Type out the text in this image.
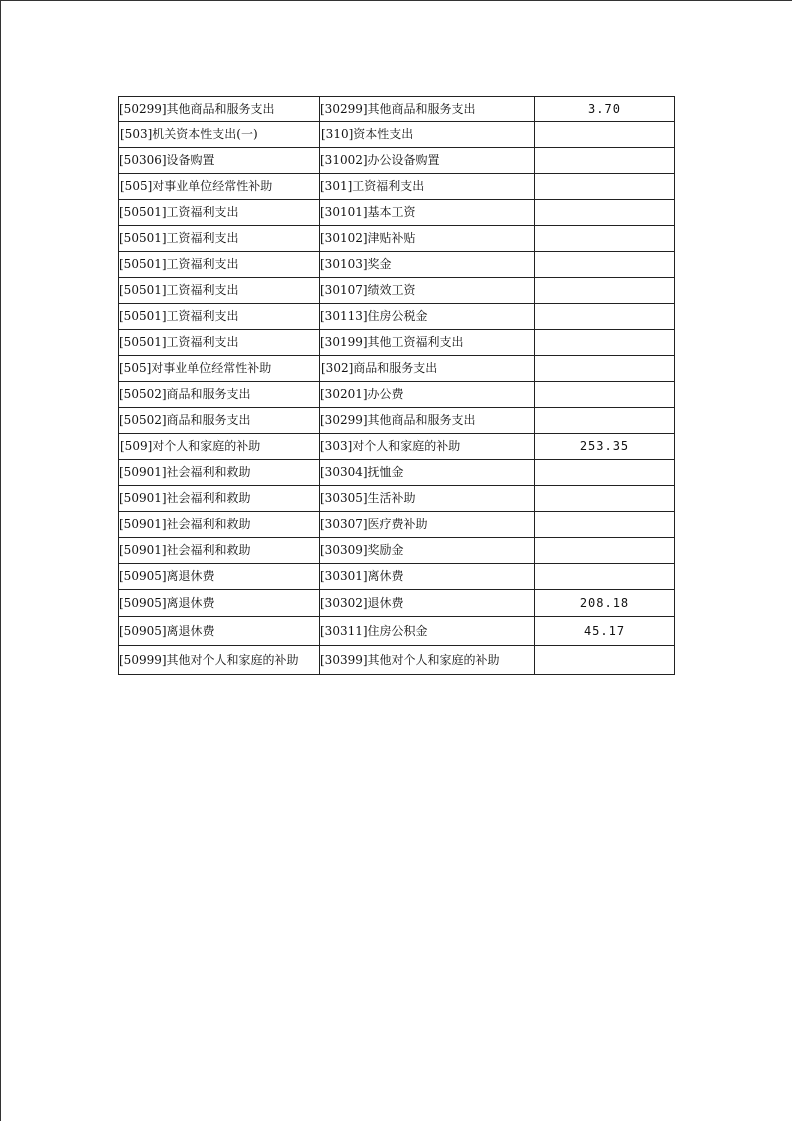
[50299]其他商品和服务支出	[30299]其他商品和服务支出	3.70
[503]机关资本性支出(一)	[310]资本性支出	
[50306]设备购置	[31002]办公设备购置	
[505]对事业单位经常性补助	[301]工资福利支出	
[50501]工资福利支出	[30101]基本工资	
[50501]工资福利支出	[30102]津贴补贴	
[50501]工资福利支出	[30103]奖金	
[50501]工资福利支出	[30107]绩效工资	
[50501]工资福利支出	[30113]住房公税金	
[50501]工资福利支出	[30199]其他工资福利支出	
[505]对事业单位经常性补助	[302]商品和服务支出	
[50502]商品和服务支出	[30201]办公费	
[50502]商品和服务支出	[30299]其他商品和服务支出	
[509]对个人和家庭的补助	[303]对个人和家庭的补助	253.35
[50901]社会福利和救助	[30304]抚恤金	
[50901]社会福利和救助	[30305]生活补助	
[50901]社会福利和救助	[30307]医疗费补助	
[50901]社会福利和救助	[30309]奖励金	
[50905]离退休费	[30301]离休费	
[50905]离退休费	[30302]退休费	208.18
[50905]离退休费	[30311]住房公积金	45.17
[50999]其他对个人和家庭的补助	[30399]其他对个人和家庭的补助	
